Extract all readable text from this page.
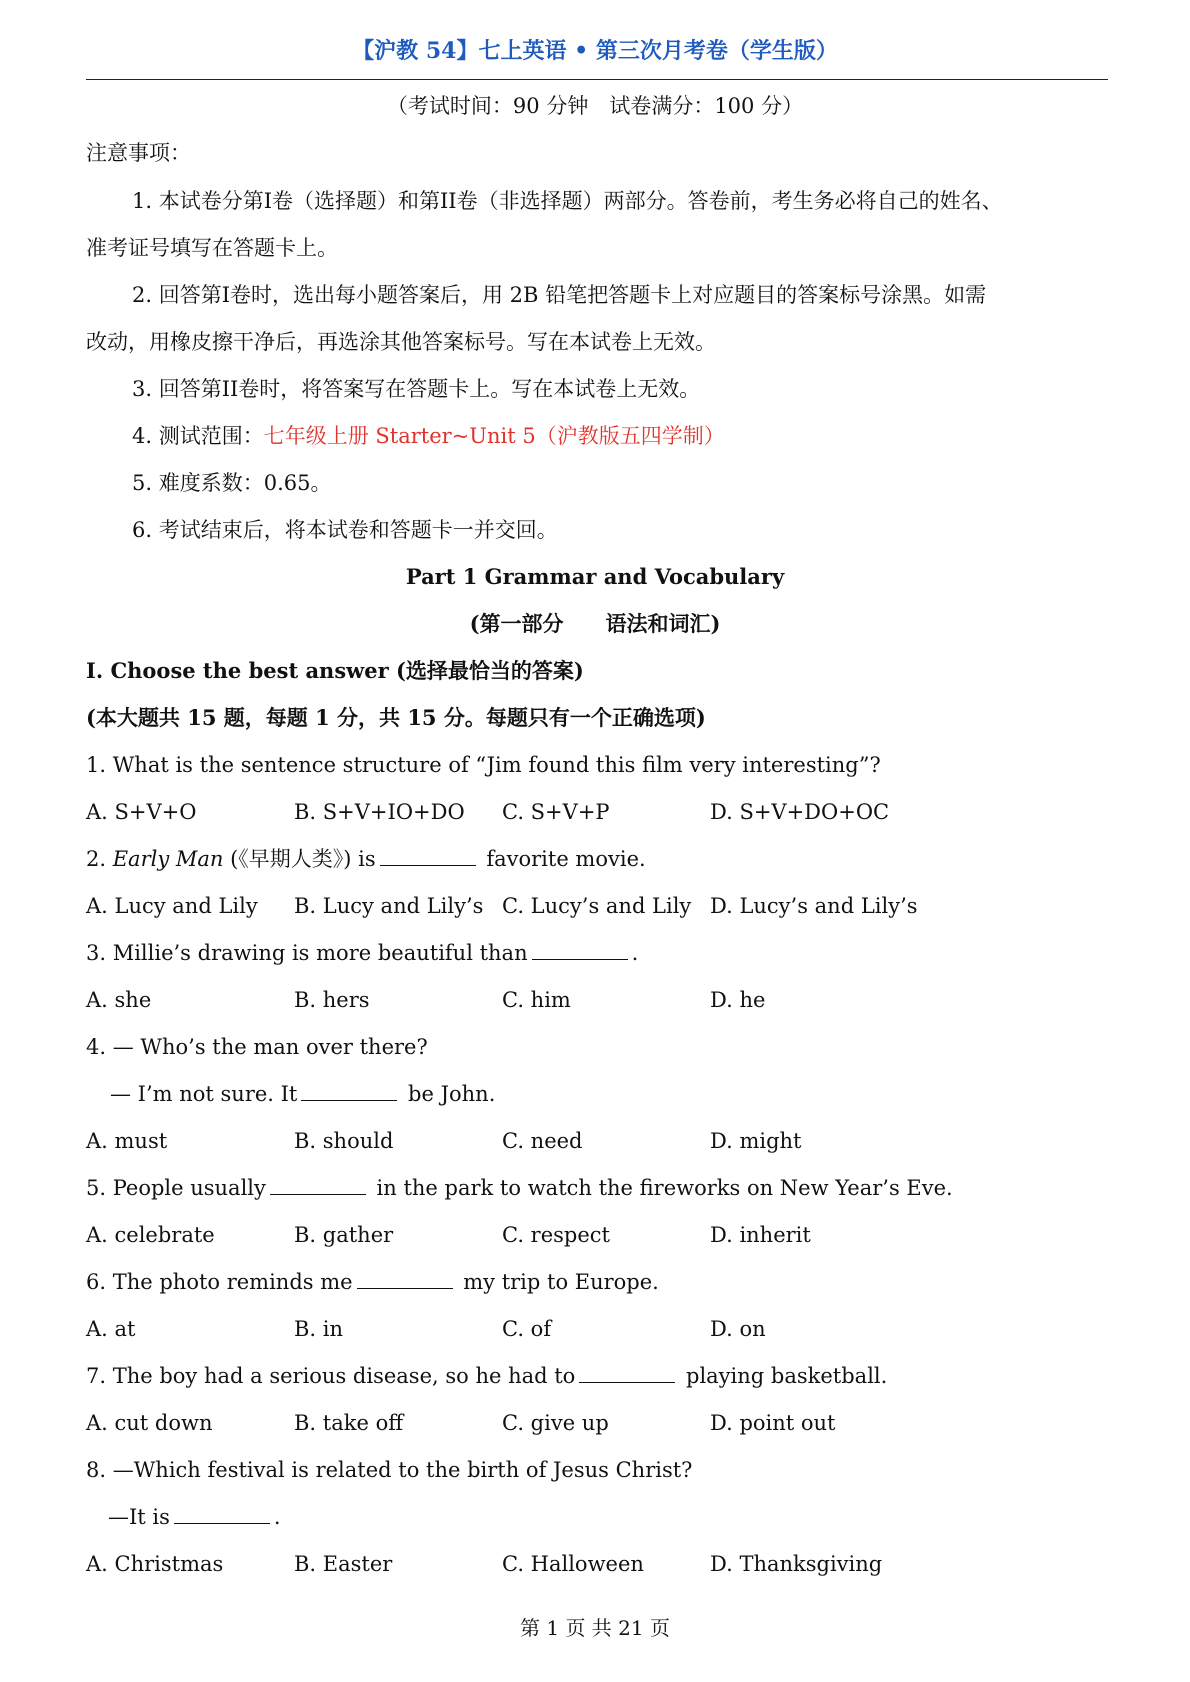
【沪教 54】七上英语 • 第三次月考卷（学生版）
（考试时间：90 分钟　试卷满分：100 分）
注意事项：
1. 本试卷分第I卷（选择题）和第II卷（非选择题）两部分。答卷前，考生务必将自己的姓名、
准考证号填写在答题卡上。
2. 回答第I卷时，选出每小题答案后，用 2B 铅笔把答题卡上对应题目的答案标号涂黑。如需
改动，用橡皮擦干净后，再选涂其他答案标号。写在本试卷上无效。
3. 回答第II卷时，将答案写在答题卡上。写在本试卷上无效。
4. 测试范围：七年级上册 Starter~Unit 5（沪教版五四学制）
5. 难度系数：0.65。
6. 考试结束后，将本试卷和答题卡一并交回。
Part 1 Grammar and Vocabulary
(第一部分　　语法和词汇)
I. Choose the best answer (选择最恰当的答案)
(本大题共 15 题，每题 1 分，共 15 分。每题只有一个正确选项)
1. What is the sentence structure of “Jim found this film very interesting”?
A. S+V+O	B. S+V+IO+DO C. S+V+P	D. S+V+DO+OC
2. Early Man (《早期人类》) is	favorite movie.
A. Lucy and Lily B. Lucy and Lily’s C. Lucy’s and Lily D. Lucy’s and Lily’s
3. Millie’s drawing is more beautiful than	.
A. she	B. hers	C. him	D. he
4. — Who’s the man over there?
— I’m not sure. It	be John.
A. must	B. should	C. need	D. might
5. People usually	in the park to watch the fireworks on New Year’s Eve.
A. celebrate	B. gather	C. respect	D. inherit
6. The photo reminds me	my trip to Europe.
A. at	B. in	C. of	D. on
7. The boy had a serious disease, so he had to	playing basketball.
A. cut down	B. take off	C. give up	D. point out
8. —Which festival is related to the birth of Jesus Christ?
—It is	.
A. Christmas	B. Easter	C. Halloween	D. Thanksgiving
第 1 页 共 21 页
